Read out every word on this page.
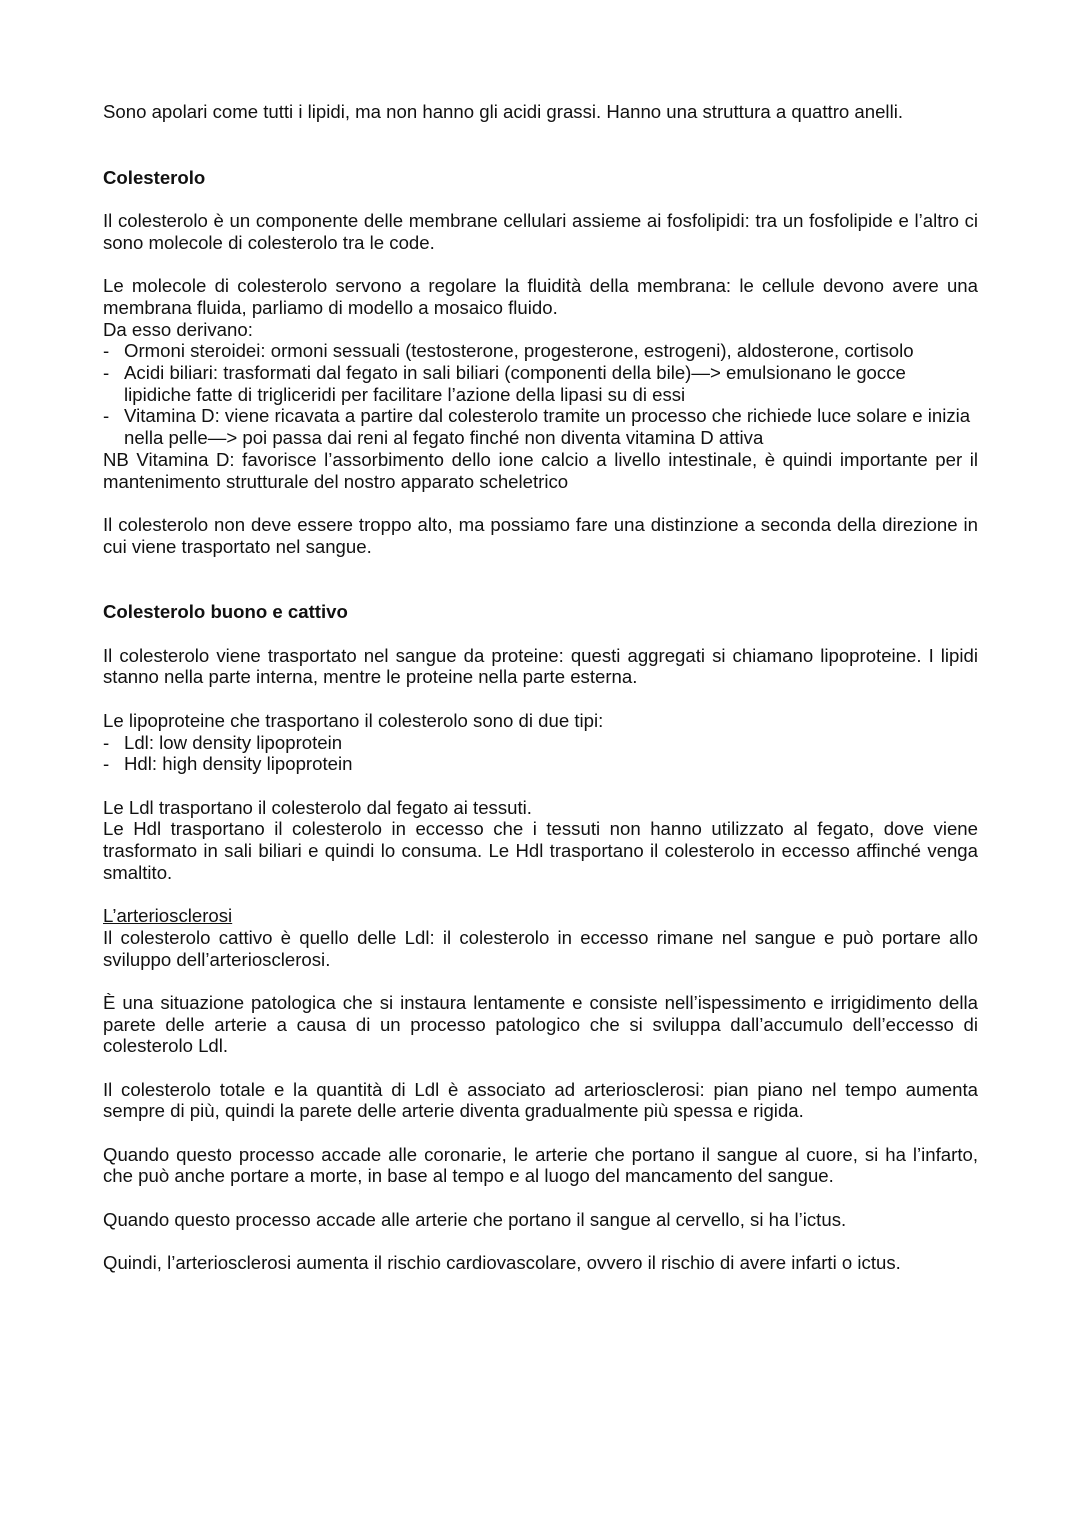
Sono apolari come tutti i lipidi, ma non hanno gli acidi grassi. Hanno una struttura a quattro anelli.

Colesterolo

Il colesterolo è un componente delle membrane cellulari assieme ai fosfolipidi: tra un fosfolipide e l’altro ci sono molecole di colesterolo tra le code.

Le molecole di colesterolo servono a regolare la fluidità della membrana: le cellule devono avere una membrana fluida, parliamo di modello a mosaico fluido.

Da esso derivano:

- Ormoni steroidei: ormoni sessuali (testosterone, progesterone, estrogeni), aldosterone, cortisolo
- Acidi biliari: trasformati dal fegato in sali biliari (componenti della bile)—> emulsionano le gocce lipidiche fatte di trigliceridi per facilitare l’azione della lipasi su di essi
- Vitamina D: viene ricavata a partire dal colesterolo tramite un processo che richiede luce solare e inizia nella pelle—> poi passa dai reni al fegato finché non diventa vitamina D attiva

NB Vitamina D: favorisce l’assorbimento dello ione calcio a livello intestinale, è quindi importante per il mantenimento strutturale del nostro apparato scheletrico

Il colesterolo non deve essere troppo alto, ma possiamo fare una distinzione a seconda della direzione in cui viene trasportato nel sangue.

Colesterolo buono e cattivo

Il colesterolo viene trasportato nel sangue da proteine: questi aggregati si chiamano lipoproteine. I lipidi stanno nella parte interna, mentre le proteine nella parte esterna.

Le lipoproteine che trasportano il colesterolo sono di due tipi:

- Ldl: low density lipoprotein
- Hdl: high density lipoprotein

Le Ldl trasportano il colesterolo dal fegato ai tessuti.

Le Hdl trasportano il colesterolo in eccesso che i tessuti non hanno utilizzato al fegato, dove viene trasformato in sali biliari e quindi lo consuma. Le Hdl trasportano il colesterolo in eccesso affinché venga smaltito.

L’arteriosclerosi

Il colesterolo cattivo è quello delle Ldl: il colesterolo in eccesso rimane nel sangue e può portare allo sviluppo dell’arteriosclerosi.

È una situazione patologica che si instaura lentamente e consiste nell’ispessimento e irrigidimento della parete delle arterie a causa di un processo patologico che si sviluppa dall’accumulo dell’eccesso di colesterolo Ldl.

Il colesterolo totale e la quantità di Ldl è associato ad arteriosclerosi: pian piano nel tempo aumenta sempre di più, quindi la parete delle arterie diventa gradualmente più spessa e rigida.

Quando questo processo accade alle coronarie, le arterie che portano il sangue al cuore, si ha l’infarto, che può anche portare a morte, in base al tempo e al luogo del mancamento del sangue.

Quando questo processo accade alle arterie che portano il sangue al cervello, si ha l’ictus.

Quindi, l’arteriosclerosi aumenta il rischio cardiovascolare, ovvero il rischio di avere infarti o ictus.
